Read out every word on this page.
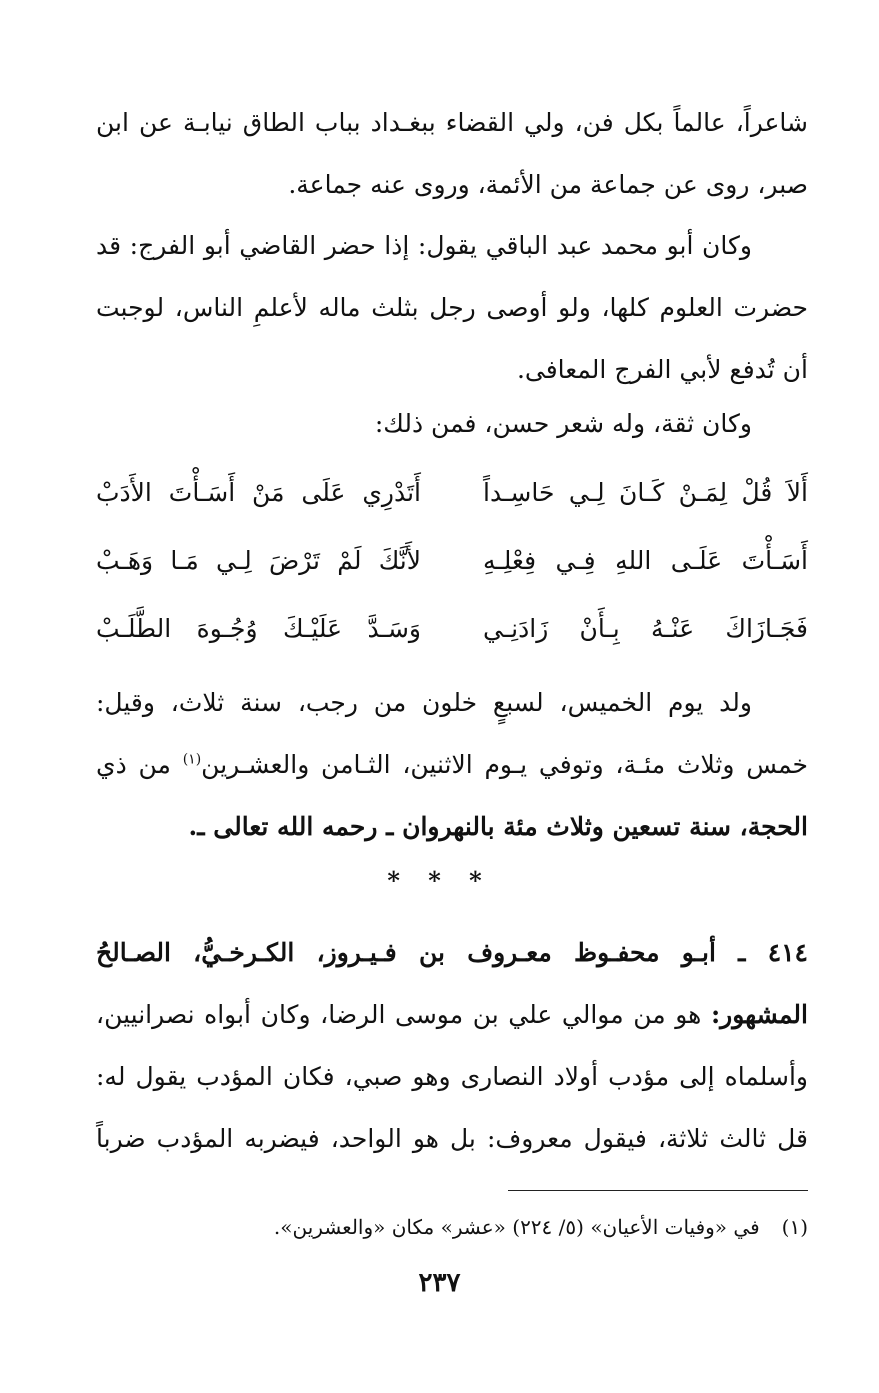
شاعراً، عالماً بكل فن، ولي القضاء ببغـداد بباب الطاق نيابـة عن ابن
صبر، روى عن جماعة من الأئمة، وروى عنه جماعة.
وكان أبو محمد عبد الباقي يقول: إذا حضر القاضي أبو الفرج: قد
حضرت العلوم كلها، ولو أوصى رجل بثلث ماله لأعلمِ الناس، لوجبت
أن تُدفع لأبي الفرج المعافى.
وكان ثقة، وله شعر حسن، فمن ذلك:
أَلاَ قُلْ لِمَـنْ كَـانَ لِـي حَاسِـداً
أَتَدْرِي عَلَى مَنْ أَسَـأْتَ الأَدَبْ
أَسَـأْتَ عَلَـى اللهِ فِـي فِعْلِـهِ
لأَنَّكَ لَمْ تَرْضَ لِـي مَـا وَهَـبْ
فَجَـازَاكَ عَنْـهُ بِـأَنْ زَادَنِـي
وَسَـدَّ عَلَيْـكَ وُجُـوهَ الطَّلَـبْ
ولد يوم الخميس، لسبعٍ خلون من رجب، سنة ثلاث، وقيل:
خمس وثلاث مئـة، وتوفي يـوم الاثنين، الثـامن والعشـرين$^{(١)}$ من ذي
الحجة، سنة تسعين وثلاث مئة بالنهروان ـ رحمه الله تعالى ـ.
* * *
٤١٤ ـ أبـو محفـوظ معـروف بن فـيـروز، الكـرخـيُّ، الصـالحُ
المشهور: هو من موالي علي بن موسى الرضا، وكان أبواه نصرانيين،
وأسلماه إلى مؤدب أولاد النصارى وهو صبي، فكان المؤدب يقول له:
قل ثالث ثلاثة، فيقول معروف: بل هو الواحد، فيضربه المؤدب ضرباً
(١)في «وفيات الأعيان» (٥/ ٢٢٤) «عشر» مكان «والعشرين».
٢٣٧
